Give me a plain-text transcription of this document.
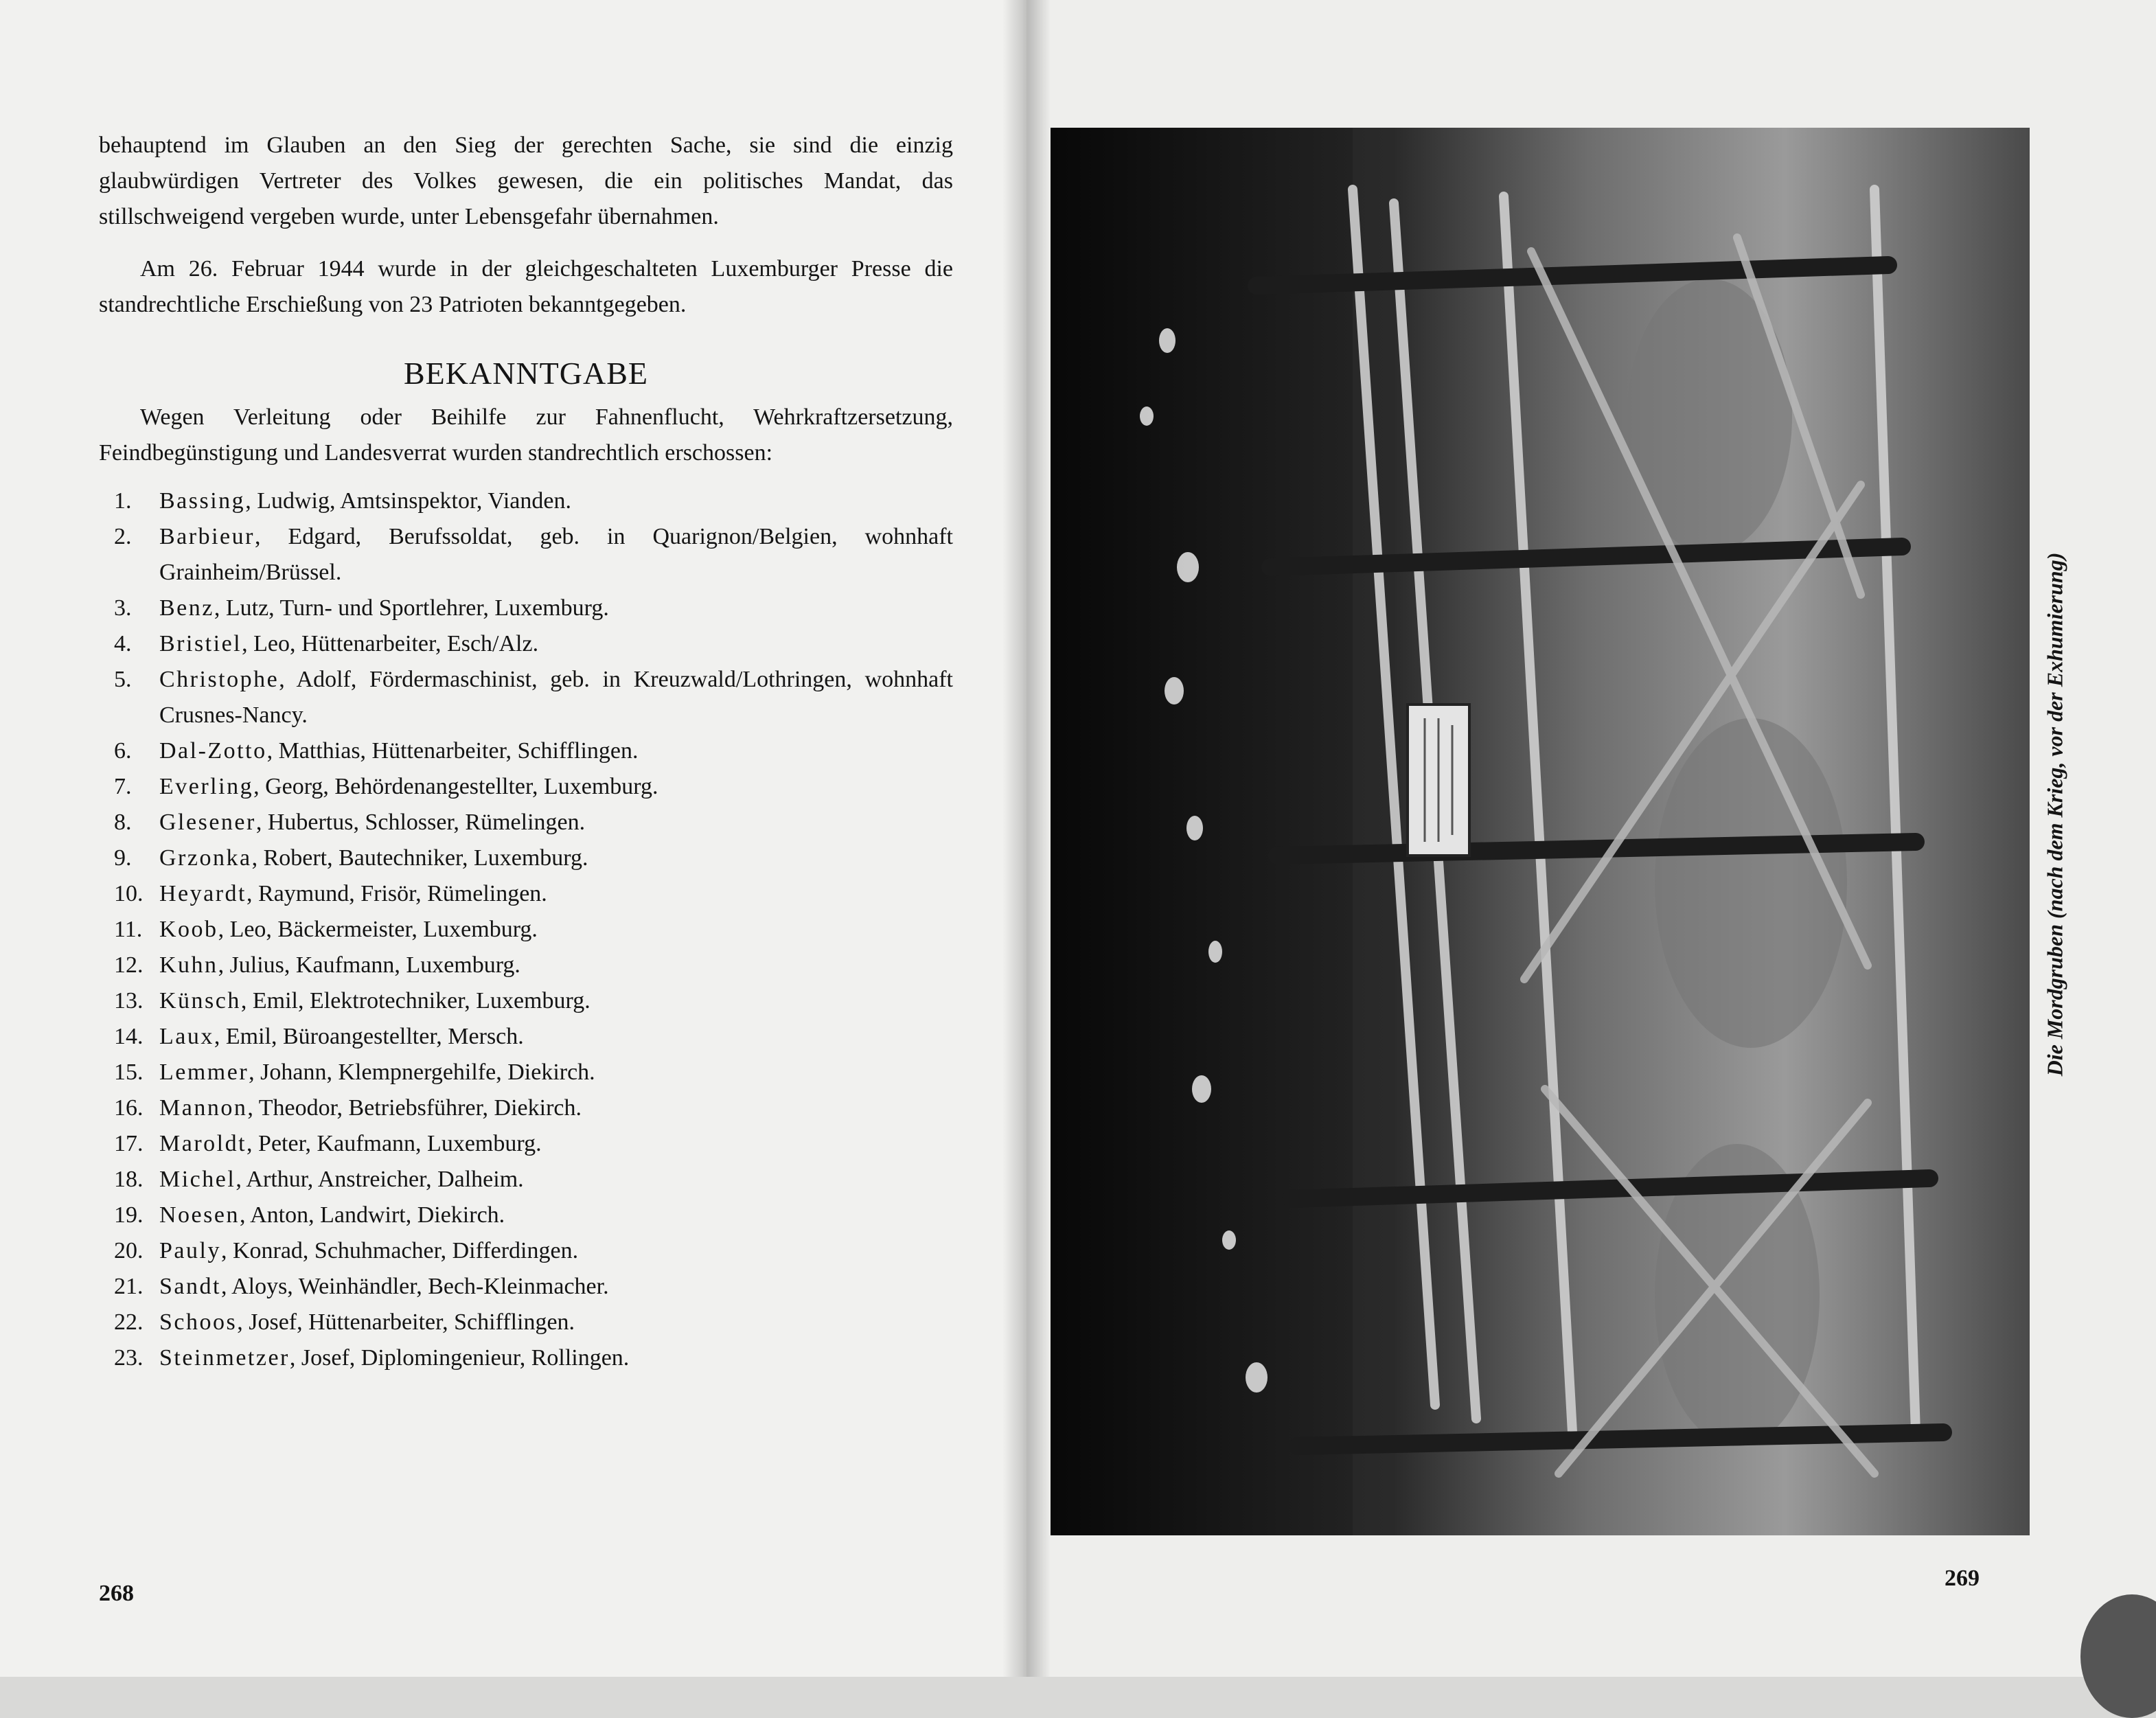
behauptend im Glauben an den Sieg der gerechten Sache, sie sind die einzig glaubwürdigen Vertreter des Volkes gewesen, die ein politisches Mandat, das stillschweigend vergeben wurde, unter Lebensgefahr übernahmen.

Am 26. Februar 1944 wurde in der gleichgeschalteten Luxemburger Presse die standrechtliche Erschießung von 23 Patrioten bekanntgegeben.

BEKANNTGABE

Wegen Verleitung oder Beihilfe zur Fahnenflucht, Wehrkraftzersetzung, Feindbegünstigung und Landesverrat wurden standrechtlich erschossen:

1.	Bassing, Ludwig, Amtsinspektor, Vianden.
2.	Barbieur, Edgard, Berufssoldat, geb. in Quarignon/Belgien, wohnhaft Grainheim/Brüssel.
3.	Benz, Lutz, Turn- und Sportlehrer, Luxemburg.
4.	Bristiel, Leo, Hüttenarbeiter, Esch/Alz.
5.	Christophe, Adolf, Fördermaschinist, geb. in Kreuzwald/Lothringen, wohnhaft Crusnes-Nancy.
6.	Dal-Zotto, Matthias, Hüttenarbeiter, Schifflingen.
7.	Everling, Georg, Behördenangestellter, Luxemburg.
8.	Glesener, Hubertus, Schlosser, Rümelingen.
9.	Grzonka, Robert, Bautechniker, Luxemburg.
10. Heyardt, Raymund, Frisör, Rümelingen.
11. Koob, Leo, Bäckermeister, Luxemburg.
12. Kuhn, Julius, Kaufmann, Luxemburg.
13. Künsch, Emil, Elektrotechniker, Luxemburg.
14. Laux, Emil, Büroangestellter, Mersch.
15. Lemmer, Johann, Klempnergehilfe, Diekirch.
16. Mannon, Theodor, Betriebsführer, Diekirch.
17. Maroldt, Peter, Kaufmann, Luxemburg.
18. Michel, Arthur, Anstreicher, Dalheim.
19. Noesen, Anton, Landwirt, Diekirch.
20. Pauly, Konrad, Schuhmacher, Differdingen.
21. Sandt, Aloys, Weinhändler, Bech-Kleinmacher.
22. Schoos, Josef, Hüttenarbeiter, Schifflingen.
23. Steinmetzer, Josef, Diplomingenieur, Rollingen.
268
Die Mordgruben (nach dem Krieg, vor der Exhumierung)
269
